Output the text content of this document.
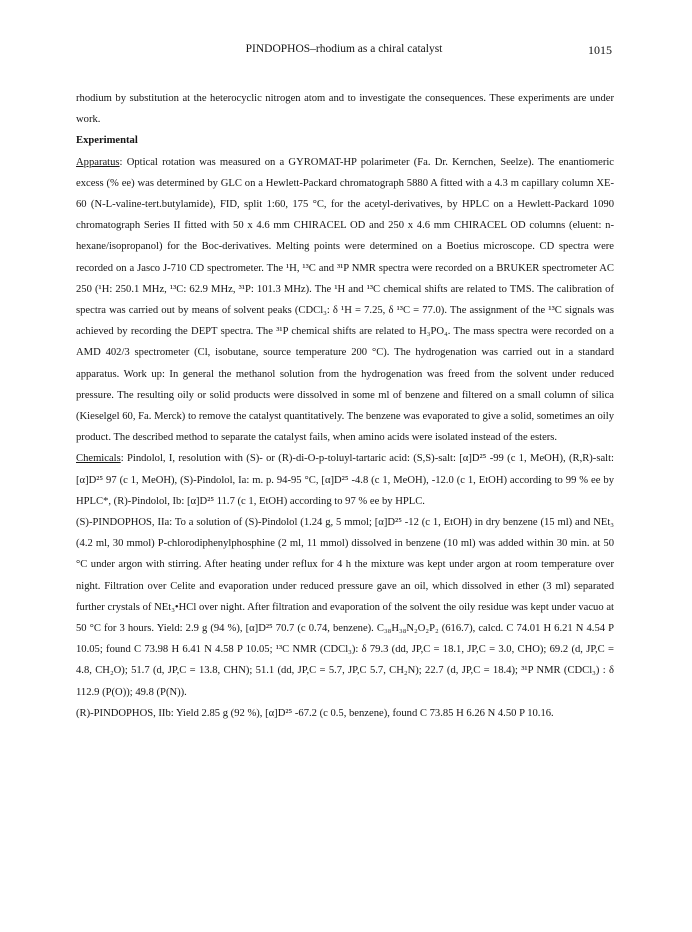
PINDOPHOS–rhodium as a chiral catalyst	1015

rhodium by substitution at the heterocyclic nitrogen atom and to investigate the consequences. These experiments are under work.

Experimental

Apparatus: Optical rotation was measured on a GYROMAT-HP polarimeter (Fa. Dr. Kernchen, Seelze). The enantiomeric excess (% ee) was determined by GLC on a Hewlett-Packard chromatograph 5880 A fitted with a 4.3 m capillary column XE-60 (N-L-valine-tert.butylamide), FID, split 1:60, 175 °C, for the acetyl-derivatives, by HPLC on a Hewlett-Packard 1090 chromatograph Series II fitted with 50 x 4.6 mm CHIRACEL OD and 250 x 4.6 mm CHIRACEL OD columns (eluent: n-hexane/isopropanol) for the Boc-derivatives. Melting points were determined on a Boetius microscope. CD spectra were recorded on a Jasco J-710 CD spectrometer. The ¹H, ¹³C and ³¹P NMR spectra were recorded on a BRUKER spectrometer AC 250 (¹H: 250.1 MHz, ¹³C: 62.9 MHz, ³¹P: 101.3 MHz). The ¹H and ¹³C chemical shifts are related to TMS. The calibration of spectra was carried out by means of solvent peaks (CDCl₃: δ ¹H = 7.25, δ ¹³C = 77.0). The assignment of the ¹³C signals was achieved by recording the DEPT spectra. The ³¹P chemical shifts are related to H₃PO₄. The mass spectra were recorded on a AMD 402/3 spectrometer (Cl, isobutane, source temperature 200 °C). The hydrogenation was carried out in a standard apparatus. Work up: In general the methanol solution from the hydrogenation was freed from the solvent under reduced pressure. The resulting oily or solid products were dissolved in some ml of benzene and filtered on a small column of silica (Kieselgel 60, Fa. Merck) to remove the catalyst quantitatively. The benzene was evaporated to give a solid, sometimes an oily product. The described method to separate the catalyst fails, when amino acids were isolated instead of the esters.

Chemicals: Pindolol, I, resolution with (S)- or (R)-di-O-p-toluyl-tartaric acid: (S,S)-salt: [α]D²⁵ -99 (c 1, MeOH), (R,R)-salt: [α]D²⁵ 97 (c 1, MeOH), (S)-Pindolol, Ia: m. p. 94-95 °C, [α]D²⁵ -4.8 (c 1, MeOH), -12.0 (c 1, EtOH) according to 99 % ee by HPLC*, (R)-Pindolol, Ib: [α]D²⁵ 11.7 (c 1, EtOH) according to 97 % ee by HPLC.

(S)-PINDOPHOS, IIa: To a solution of (S)-Pindolol (1.24 g, 5 mmol; [α]D²⁵ -12 (c 1, EtOH) in dry benzene (15 ml) and NEt₃ (4.2 ml, 30 mmol) P-chlorodiphenylphosphine (2 ml, 11 mmol) dissolved in benzene (10 ml) was added within 30 min. at 50 °C under argon with stirring. After heating under reflux for 4 h the mixture was kept under argon at room temperature over night. Filtration over Celite and evaporation under reduced pressure gave an oil, which dissolved in ether (3 ml) separated further crystals of NEt₃•HCl over night. After filtration and evaporation of the solvent the oily residue was kept under vacuo at 50 °C for 3 hours. Yield: 2.9 g (94 %), [α]D²⁵ 70.7 (c 0.74, benzene). C₃₈H₃₈N₂O₂P₂ (616.7), calcd. C 74.01 H 6.21 N 4.54 P 10.05; found C 73.98 H 6.41 N 4.58 P 10.05; ¹³C NMR (CDCl₃): δ 79.3 (dd, JP,C = 18.1, JP,C = 3.0, CHO); 69.2 (d, JP,C = 4.8, CH₂O); 51.7 (d, JP,C = 13.8, CHN); 51.1 (dd, JP,C = 5.7, JP,C 5.7, CH₂N); 22.7 (d, JP,C = 18.4); ³¹P NMR (CDCl₃) : δ 112.9 (P(O)); 49.8 (P(N)).

(R)-PINDOPHOS, IIb: Yield 2.85 g (92 %), [α]D²⁵ -67.2 (c 0.5, benzene), found C 73.85 H 6.26 N 4.50 P 10.16.
